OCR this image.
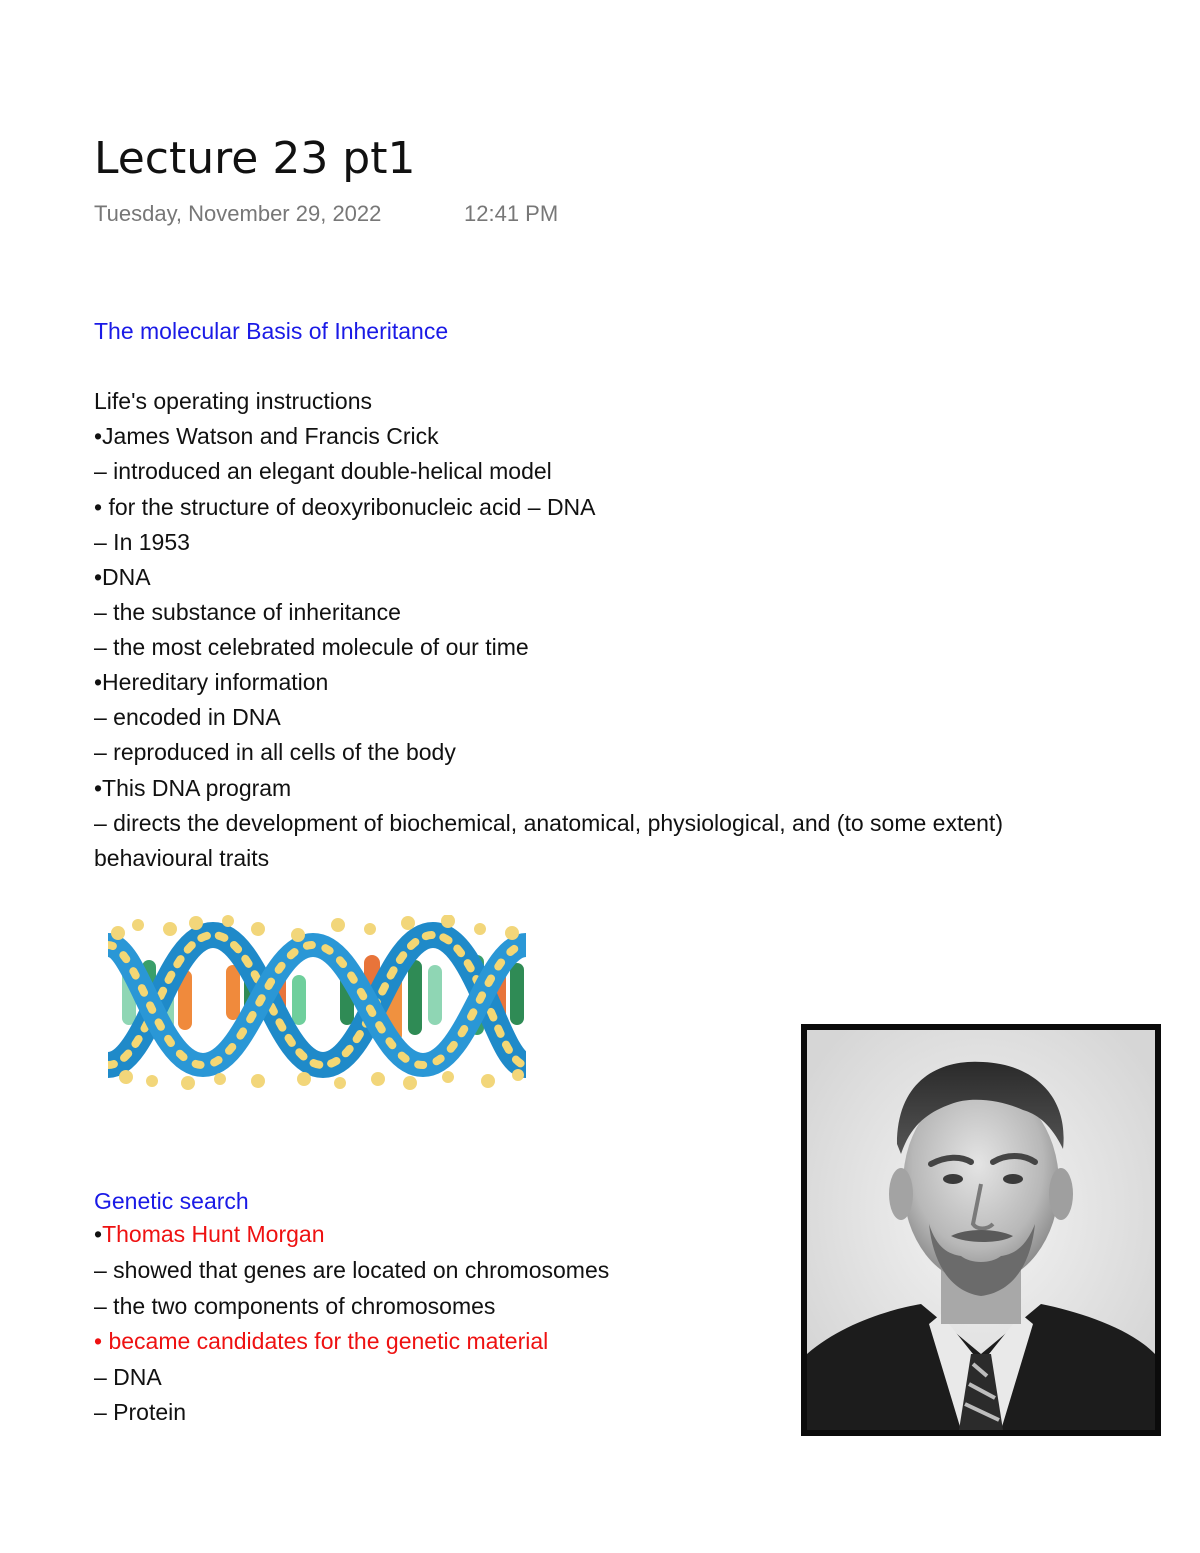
Lecture 23 pt1
Tuesday, November 29, 2022	12:41 PM
The molecular Basis of Inheritance
Life's operating instructions
•James Watson and Francis Crick
– introduced an elegant double-helical model
• for the structure of deoxyribonucleic acid – DNA
– In 1953
•DNA
– the substance of inheritance
– the most celebrated molecule of our time
•Hereditary information
– encoded in DNA
– reproduced in all cells of the body
•This DNA program
– directs the development of biochemical, anatomical, physiological, and (to some extent)
behavioural traits
Genetic search
•Thomas Hunt Morgan
– showed that genes are located on chromosomes
– the two components of chromosomes
• became candidates for the genetic material
– DNA
– Protein
